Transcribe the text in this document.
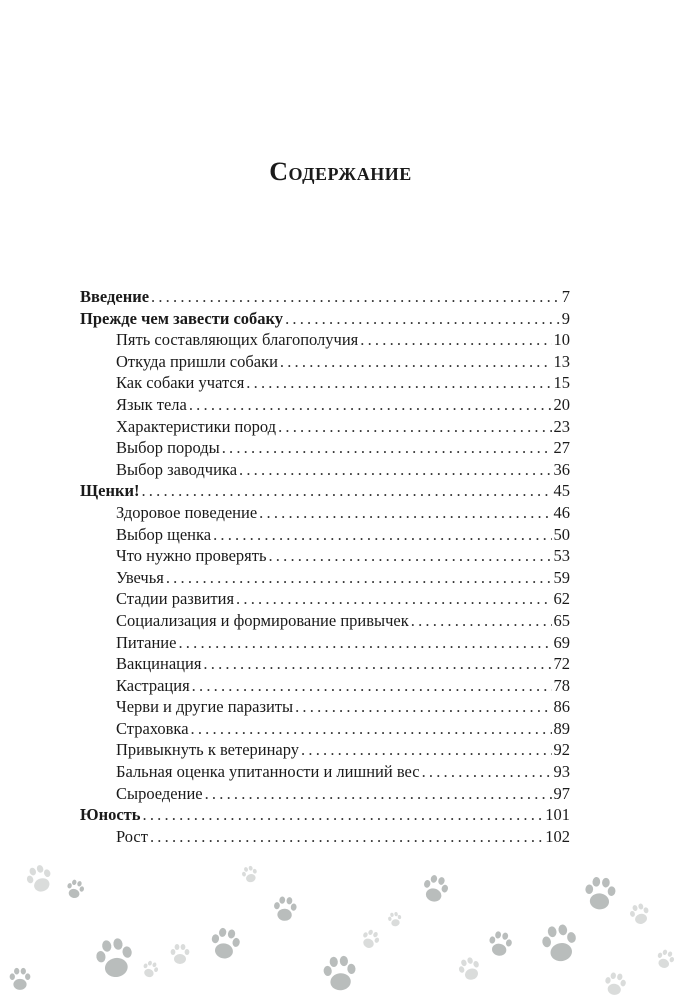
Содержание
Введение .....	7
Прежде чем завести собаку .....	9
Пять составляющих благополучия .....	10
Откуда пришли собаки .....	13
Как собаки учатся .....	15
Язык тела .....	20
Характеристики пород .....	23
Выбор породы .....	27
Выбор заводчика .....	36
Щенки! .....	45
Здоровое поведение .....	46
Выбор щенка .....	50
Что нужно проверять .....	53
Увечья .....	59
Стадии развития .....	62
Социализация и формирование привычек .....	65
Питание .....	69
Вакцинация .....	72
Кастрация .....	78
Черви и другие паразиты .....	86
Страховка .....	89
Привыкнуть к ветеринару .....	92
Бальная оценка упитанности и лишний вес .....	93
Сыроедение .....	97
Юность .....	101
Рост .....	102
